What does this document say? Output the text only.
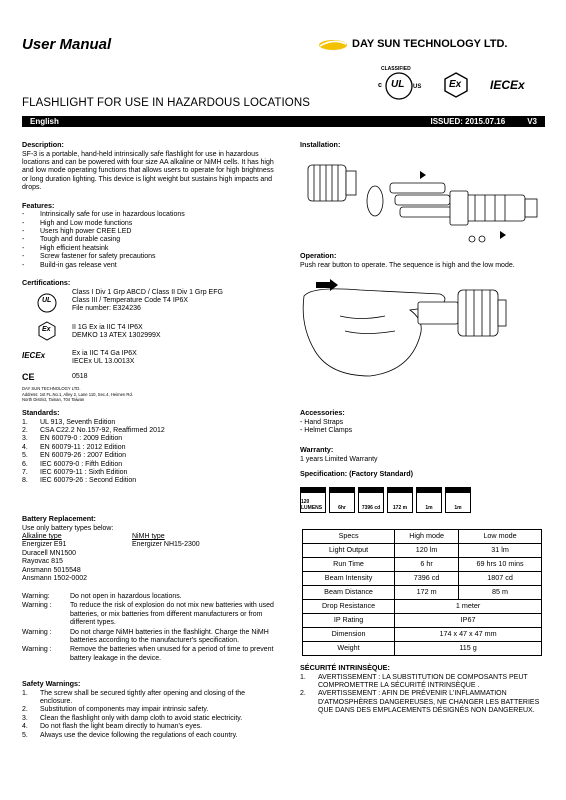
User Manual	DAY SUN TECHNOLOGY LTD.
CLASSIFIED
c UL US	Ex IECEx
FLASHLIGHT FOR USE IN HAZARDOUS LOCATIONS
English	ISSUED: 2015.07.16	V3
Description:
SF-3 is a portable, hand-held intrinsically safe flashlight for use in hazardous locations and can be powered with four size AA alkaline or NiMH cells. It has high and low mode operating functions that allows users to operate for high brightness or long duration lighting. This device is light weight but sustains high impacts and drops.
Features:
-	Intrinsically safe for use in hazardous locations
-	High and Low mode functions
-	Users high power CREE LED
-	Tough and durable casing
-	High efficient heatsink
-	Screw fastener for safety precautions
-	Build-in gas release vent
Certifications:
UL
Class I Div 1 Grp ABCD / Class II Div 1 Grp EFG
Class III / Temperature Code T4 IP6X
File number: E324236
Ex	II 1G Ex ia IIC T4 IP6X
DEMKO 13 ATEX 1302999X
IECEx	Ex ia IIC T4 Ga IP6X
IECEx UL 13.0013X
CE	0518
DAY SUN TECHNOLOGY LTD.
Address: 1st FL.No.1, Alley 2, Lane 110, Sec.4, Heimen Rd.
North District, Tainan, 704 Taiwan
Standards:
1.	UL 913, Seventh Edition
2.	CSA C22.2 No.157-92, Reaffirmed 2012
3.	EN 60079-0 : 2009 Edition
4.	EN 60079-11 : 2012 Edition
5.	EN 60079-26 : 2007 Edition
6.	IEC 60079-0 : Fifth Edition
7.	IEC 60079-11 : Sixth Edition
8.	IEC 60079-26 : Second Edition
Battery Replacement:
Use only battery types below:
Alkaline type
Energizer E91
Duracell MN1500
Rayovac 815
Ansmann 5015548
Ansmann 1502-0002
NiMH type
Energizer NH15-2300
Warning:	Do not open in hazardous locations.
Warning :	To reduce the risk of explosion do not mix new batteries with used batteries, or mix batteries from different manufacturers or from different types.
Warning :	Do not charge NiMH batteries in the flashlight. Charge the NiMH batteries according to the manufacturer's specification.
Warning :	Remove the batteries when unused for a period of time to prevent battery leakage in the device.
Safety Warnings:
1.	The screw shall be secured tightly after opening and closing of the enclosure.
2.	Substitution of components may impair intrinsic safety.
3.	Clean the flashlight only with damp cloth to avoid static electricity.
4.	Do not flash the light beam directly to human's eyes.
5.	Always use the device following the regulations of each country.
Installation:
Operation:
Push rear button to operate. The sequence is high and the low mode.
Accessories:
- Hand Straps
- Helmet Clamps
Warranty:
1 years Limited Warranty
Specification: (Factory Standard)
120 LUMENS	6hr	7396 cd	172 m	1m	1m
Specs	High mode	Low mode
Light Output	120 lm	31 lm
Run Time	6 hr	69 hrs 10 mins
Beam Intensity	7396 cd	1807 cd
Beam Distance	172 m	85 m
Drop Resistance	1 meter	
IP Rating	IP67	
Dimension	174 x 47 x 47 mm	
Weight	115 g	
SÉCURITÉ INTRINSÈQUE:
1.	AVERTISSEMENT : LA SUBSTITUTION DE COMPOSANTS PEUT COMPROMETTRE LA SÉCURITÉ INTRINSÈQUE .
2.	AVERTISSEMENT : AFIN DE PRÉVENIR L'INFLAMMATION D'ATMOSPHÈRES DANGEREUSES, NE CHANGER LES BATTERIES QUE DANS DES EMPLACEMENTS DÉSIGNÉS NON DANGEREUX.
